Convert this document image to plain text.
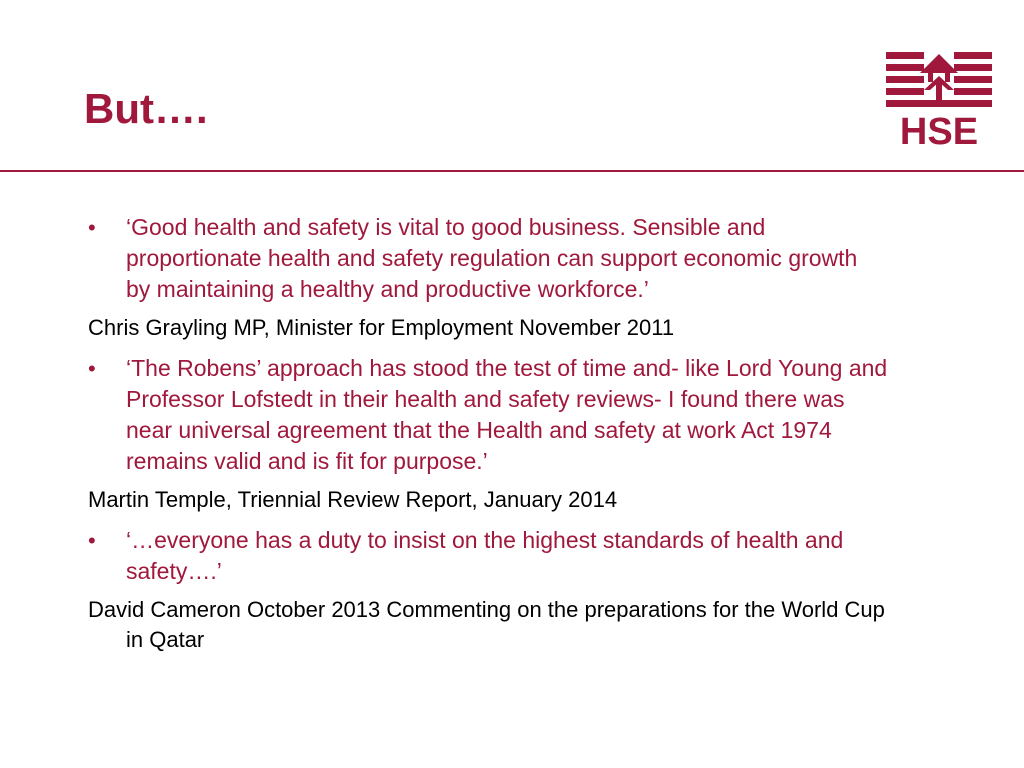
But….	HSE
• ‘Good health and safety is vital to good business. Sensible and proportionate health and safety regulation can support economic growth by maintaining a healthy and productive workforce.’
Chris Grayling MP, Minister for Employment November 2011
• ‘The Robens’ approach has stood the test of time and- like Lord Young and Professor Lofstedt in their health and safety reviews- I found there was near universal agreement that the Health and safety at work Act 1974 remains valid and is fit for purpose.’
Martin Temple, Triennial Review Report, January 2014
• ‘…everyone has a duty to insist on the highest standards of health and safety….’
David Cameron October 2013 Commenting on the preparations for the World Cup in Qatar
